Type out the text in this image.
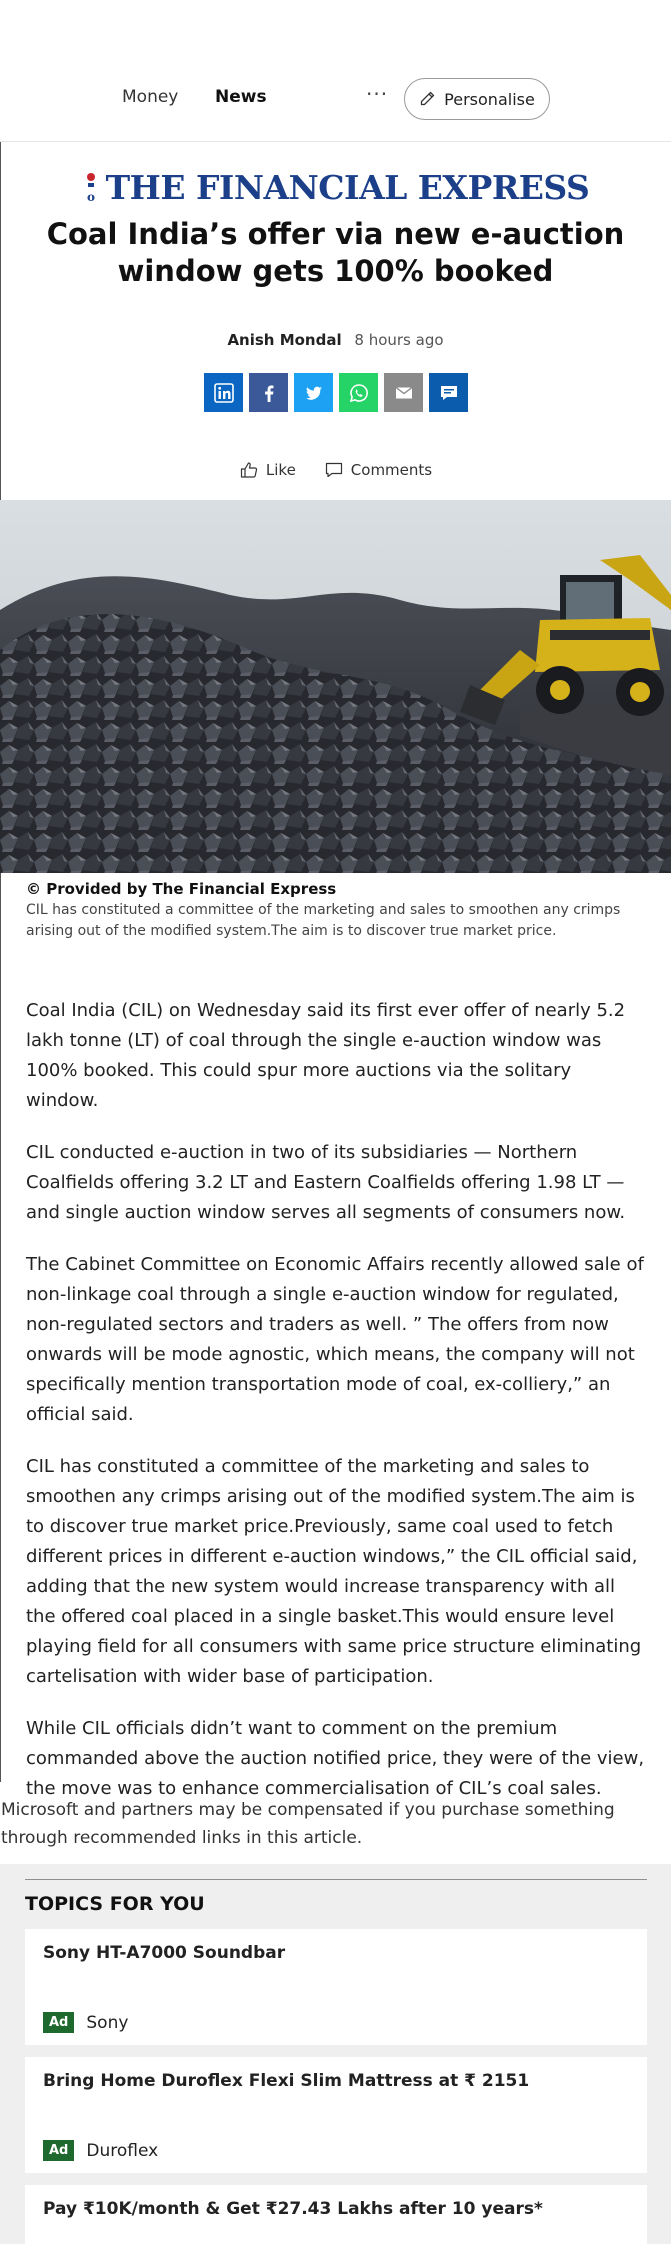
Money News	···	Personalise
o THE FINANCIAL EXPRESS
Coal India’s offer via new e-auction window gets 100% booked
Anish Mondal 8 hours ago
Like	Comments
© Provided by The Financial Express
CIL has constituted a committee of the marketing and sales to smoothen any crimps arising out of the modified system.The aim is to discover true market price.

Coal India (CIL) on Wednesday said its first ever offer of nearly 5.2 lakh tonne (LT) of coal through the single e-auction window was 100% booked. This could spur more auctions via the solitary window.

CIL conducted e-auction in two of its subsidiaries — Northern Coalfields offering 3.2 LT and Eastern Coalfields offering 1.98 LT — and single auction window serves all segments of consumers now.

The Cabinet Committee on Economic Affairs recently allowed sale of non-linkage coal through a single e-auction window for regulated, non-regulated sectors and traders as well. ” The offers from now onwards will be mode agnostic, which means, the company will not specifically mention transportation mode of coal, ex-colliery,” an official said.

CIL has constituted a committee of the marketing and sales to smoothen any crimps arising out of the modified system.The aim is to discover true market price.Previously, same coal used to fetch different prices in different e-auction windows,” the CIL official said, adding that the new system would increase transparency with all the offered coal placed in a single basket.This would ensure level playing field for all consumers with same price structure eliminating cartelisation with wider base of participation.

While CIL officials didn’t want to comment on the premium commanded above the auction notified price, they were of the view, the move was to enhance commercialisation of CIL’s coal sales.

Microsoft and partners may be compensated if you purchase something through recommended links in this article.
TOPICS FOR YOU
Sony HT-A7000 Soundbar
Ad	Sony
Bring Home Duroflex Flexi Slim Mattress at ₹ 2151
Ad	Duroflex
Pay ₹10K/month & Get ₹27.43 Lakhs after 10 years*
